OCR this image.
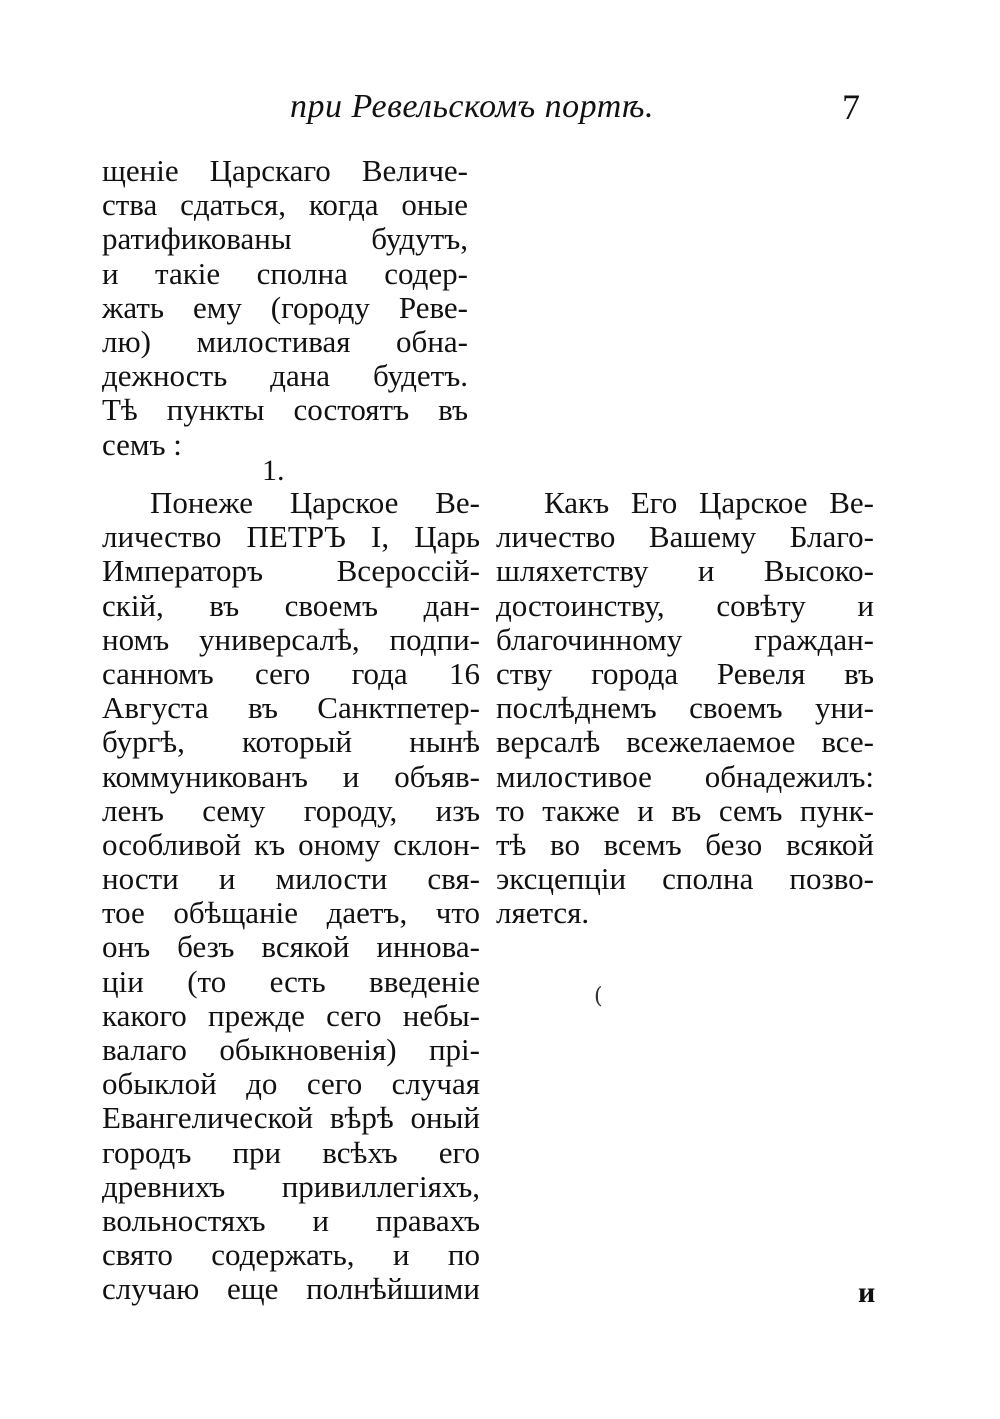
при Ревельскомъ портѣ.	7
щеніе Царскаго Величе-
ства сдаться, когда оные
ратификованы будутъ,
и такіе сполна содер-
жать ему (городу Реве-
лю) милостивая обна-
дежность дана будетъ.
Тѣ пункты состоятъ въ
семъ :
1.
Понеже Царское Ве-
личество ПЕТРЪ I, Царь
Императоръ Всероссій-
скій, въ своемъ дан-
номъ универсалѣ, подпи-
санномъ сего года 16
Августа въ Санктпетер-
бургѣ, который нынѣ
коммуникованъ и объяв-
ленъ сему городу, изъ
особливой къ оному склон-
ности и милости свя-
тое обѣщаніе даетъ, что
онъ безъ всякой иннова-
ціи (то есть введеніе
какого прежде сего небы-
валаго обыкновенія) прі-
обыклой до сего случая
Евангелической вѣрѣ оный
городъ при всѣхъ его
древнихъ привиллегіяхъ,
вольностяхъ и правахъ
свято содержать, и по
случаю еще полнѣйшими
Какъ Его Царское Ве-
личество Вашему Благо-
шляхетству и Высоко-
достоинству, совѣту и
благочинному граждан-
ству города Ревеля въ
послѣднемъ своемъ уни-
версалѣ всежелаемое все-
милостивое обнадежилъ:
то также и въ семъ пунк-
тѣ во всемъ безо всякой
эксцепціи сполна позво-
ляется.
(
и
